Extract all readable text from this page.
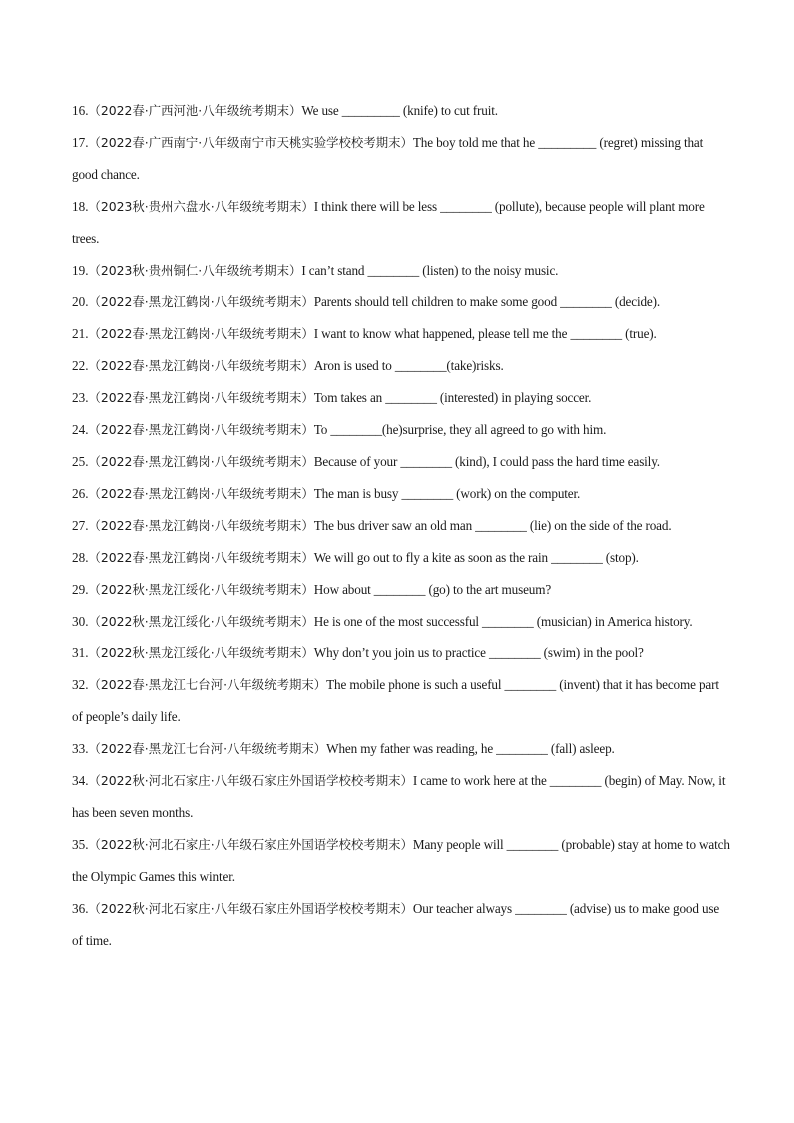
16.（2022春·广西河池·八年级统考期末）We use _________ (knife) to cut fruit.

17.（2022春·广西南宁·八年级南宁市天桃实验学校校考期末）The boy told me that he _________ (regret) missing that good chance.

18.（2023秋·贵州六盘水·八年级统考期末）I think there will be less ________ (pollute), because people will plant more trees.

19.（2023秋·贵州铜仁·八年级统考期末）I can’t stand ________ (listen) to the noisy music.

20.（2022春·黑龙江鹤岗·八年级统考期末）Parents should tell children to make some good ________ (decide).

21.（2022春·黑龙江鹤岗·八年级统考期末）I want to know what happened, please tell me the ________ (true).

22.（2022春·黑龙江鹤岗·八年级统考期末）Aron is used to ________(take)risks.

23.（2022春·黑龙江鹤岗·八年级统考期末）Tom takes an ________ (interested) in playing soccer.

24.（2022春·黑龙江鹤岗·八年级统考期末）To ________(he)surprise, they all agreed to go with him.

25.（2022春·黑龙江鹤岗·八年级统考期末）Because of your ________ (kind), I could pass the hard time easily.

26.（2022春·黑龙江鹤岗·八年级统考期末）The man is busy ________ (work) on the computer.

27.（2022春·黑龙江鹤岗·八年级统考期末）The bus driver saw an old man ________ (lie) on the side of the road.

28.（2022春·黑龙江鹤岗·八年级统考期末）We will go out to fly a kite as soon as the rain ________ (stop).

29.（2022秋·黑龙江绥化·八年级统考期末）How about ________ (go) to the art museum?

30.（2022秋·黑龙江绥化·八年级统考期末）He is one of the most successful ________ (musician) in America history.

31.（2022秋·黑龙江绥化·八年级统考期末）Why don’t you join us to practice ________ (swim) in the pool?

32.（2022春·黑龙江七台河·八年级统考期末）The mobile phone is such a useful ________ (invent) that it has become part of people’s daily life.

33.（2022春·黑龙江七台河·八年级统考期末）When my father was reading, he ________ (fall) asleep.

34.（2022秋·河北石家庄·八年级石家庄外国语学校校考期末）I came to work here at the ________ (begin) of May. Now, it has been seven months.

35.（2022秋·河北石家庄·八年级石家庄外国语学校校考期末）Many people will ________ (probable) stay at home to watch the Olympic Games this winter.

36.（2022秋·河北石家庄·八年级石家庄外国语学校校考期末）Our teacher always ________ (advise) us to make good use of time.
